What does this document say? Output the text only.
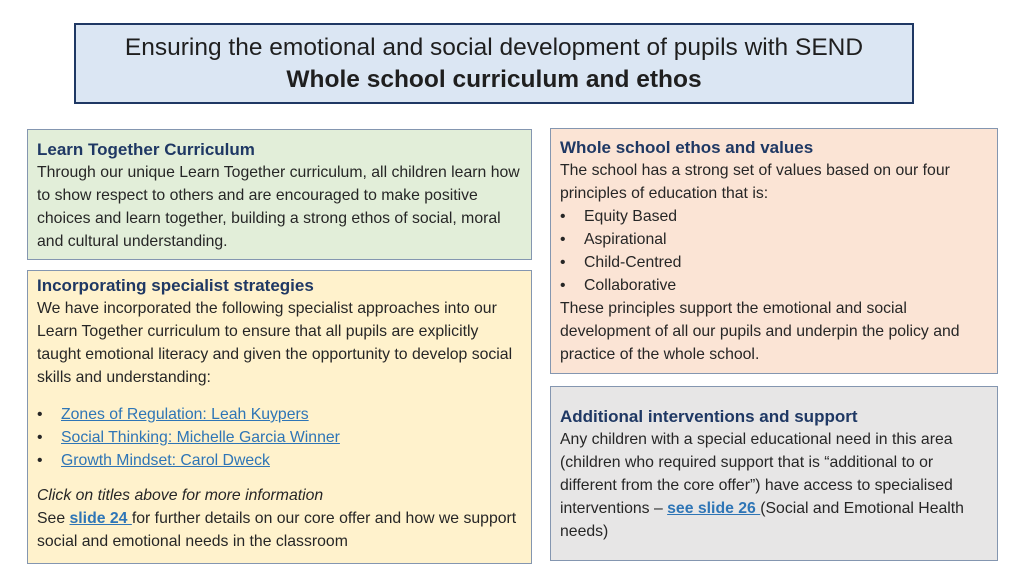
Ensuring the emotional and social development of pupils with SEND
Whole school curriculum and ethos
Learn Together Curriculum
Through our unique Learn Together curriculum, all children learn how to show respect to others and are encouraged to make positive choices and learn together, building a strong ethos of social, moral and cultural understanding.
Incorporating specialist strategies
We have incorporated the following specialist approaches into our Learn Together curriculum to ensure that all pupils are explicitly taught emotional literacy and given the opportunity to develop social skills and understanding:
• Zones of Regulation: Leah Kuypers
• Social Thinking: Michelle Garcia Winner
• Growth Mindset: Carol Dweck
Click on titles above for more information
See slide 24 for further details on our core offer and how we support social and emotional needs in the classroom
Whole school ethos and values
The school has a strong set of values based on our four principles of education that is:
• Equity Based
• Aspirational
• Child-Centred
• Collaborative
These principles support the emotional and social development of all our pupils and underpin the policy and practice of the whole school.
Additional interventions and support
Any children with a special educational need in this area (children who required support that is “additional to or different from the core offer”) have access to specialised interventions – see slide 26 (Social and Emotional Health needs)
